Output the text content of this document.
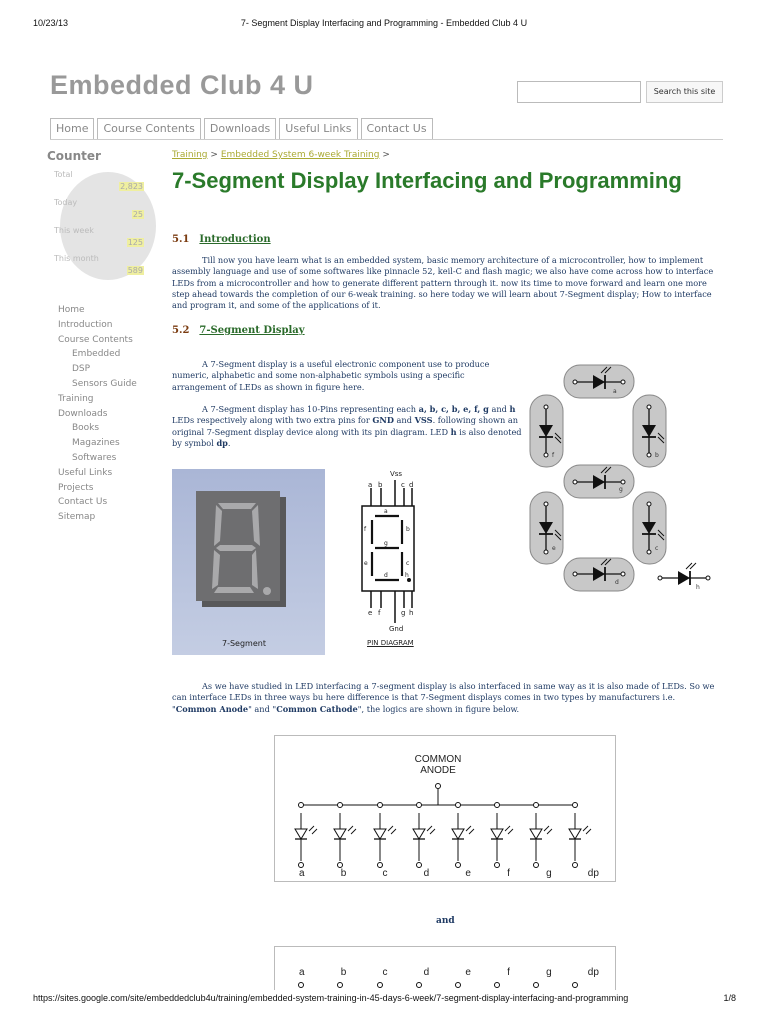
10/23/13	7- Segment Display Interfacing and Programming - Embedded Club 4 U
Embedded Club 4 U	Search this site
Home	Course Contents	Downloads	Useful Links	Contact Us
Counter
Total
2,823
Today
25
This week
125
This month
589
Home
Introduction
Course Contents
Embedded
DSP
Sensors Guide
Training
Downloads
Books
Magazines
Softwares
Useful Links
Projects
Contact Us
Sitemap
Training > Embedded System 6-week Training >
7-Segment Display Interfacing and Programming
5.1 Introduction
Till now you have learn what is an embedded system, basic memory architecture of a microcontroller, how to implement assembly language and use of some softwares like pinnacle 52, keil-C and flash magic; we also have come across how to interface LEDs from a microcontroller and how to generate different pattern through it. now its time to move forward and learn one more step ahead towards the completion of our 6-weak training. so here today we will learn about 7-Segment display; How to interface and program it, and some of the applications of it.
5.2 7-Segment Display
A 7-Segment display is a useful electronic component use to produce numeric, alphabetic and some non-alphabetic symbols using a specific arrangement of LEDs as shown in figure here.
A 7-Segment display has 10-Pins representing each a, b, c, b, e, f, g and h LEDs respectively along with two extra pins for GND and VSS. following shown an original 7-Segment display device along with its pin diagram. LED h is also denoted by symbol dp.
7-Segment
Vss
a b	c d
a
f	b
g
e	c
d	h
e f	g h
Gnd
PIN DIAGRAM
a
f	b
g
e	c
d
h
As we have studied in LED interfacing a 7-segment display is also interfaced in same way as it is also made of LEDs. So we can interface LEDs in three ways bu here difference is that 7-Segment displays comes in two types by manufacturers i.e. "Common Anode" and "Common Cathode", the logics are shown in figure below.
COMMON
ANODE
a	b	c	d	e	f	g	dp
and
a	b	c	d	e	f	g	dp
https://sites.google.com/site/embeddedclub4u/training/embedded-system-training-in-45-days-6-week/7-segment-display-interfacing-and-programming	1/8
